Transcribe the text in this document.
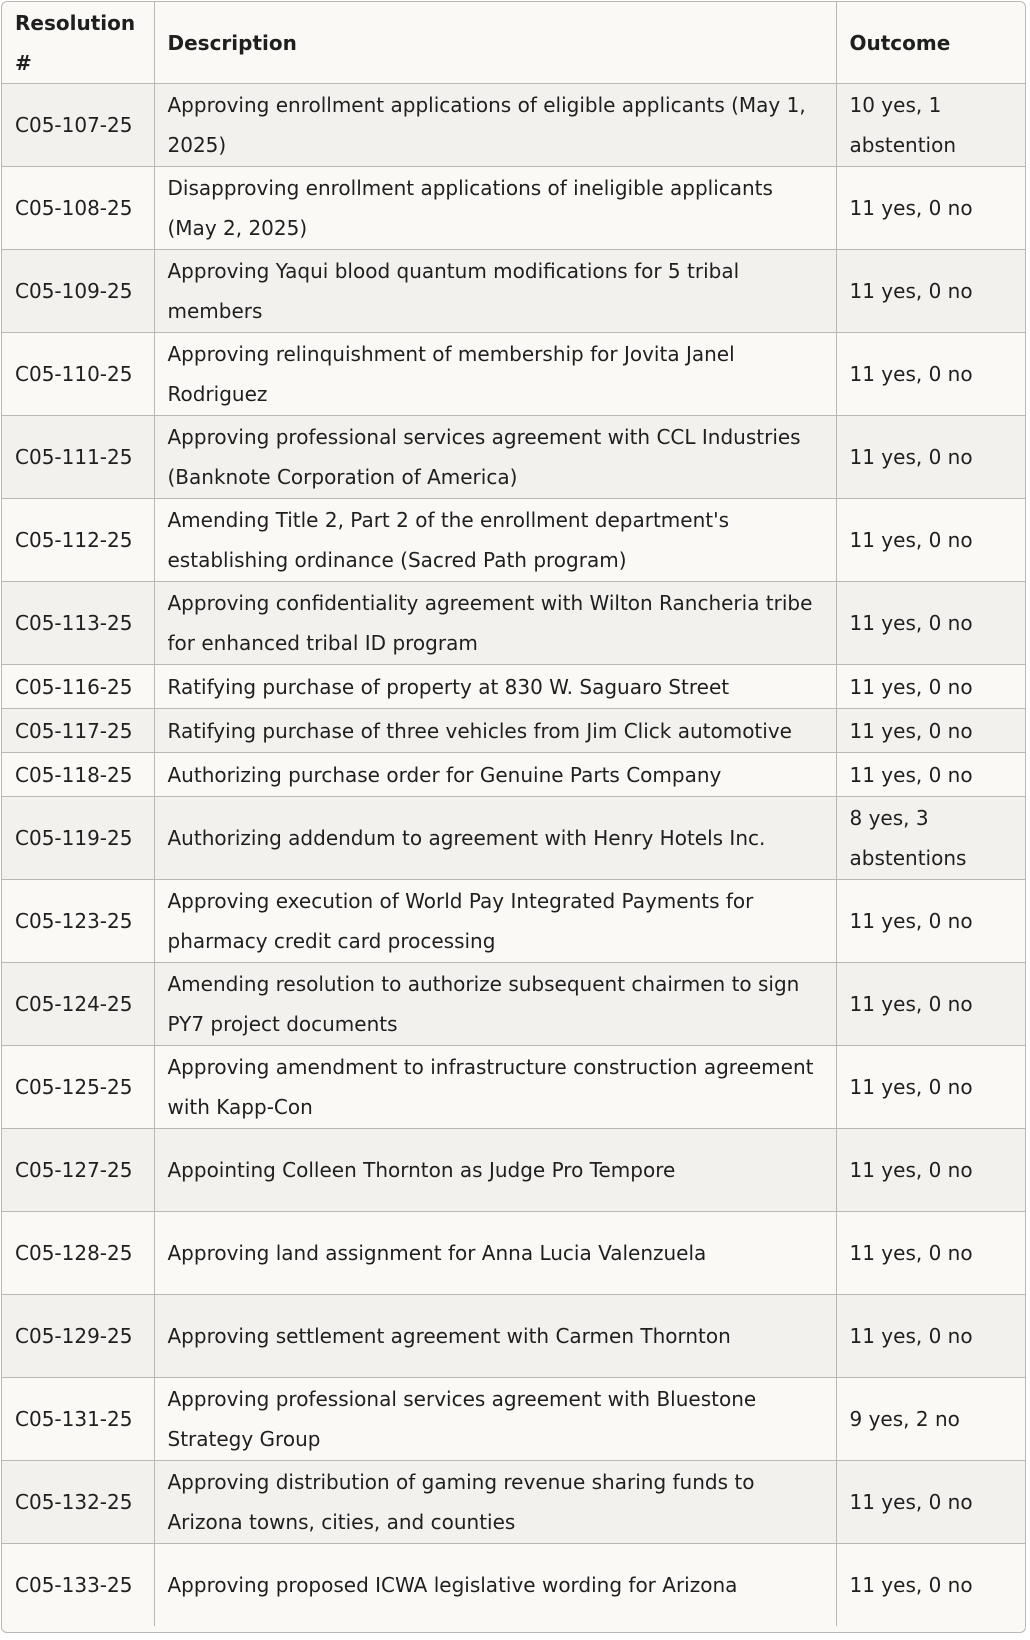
Resolution #	Description	Outcome
C05-107-25	Approving enrollment applications of eligible applicants (May 1, 2025)	10 yes, 1 abstention
C05-108-25	Disapproving enrollment applications of ineligible applicants (May 2, 2025)	11 yes, 0 no
C05-109-25	Approving Yaqui blood quantum modifications for 5 tribal members	11 yes, 0 no
C05-110-25	Approving relinquishment of membership for Jovita Janel Rodriguez	11 yes, 0 no
C05-111-25	Approving professional services agreement with CCL Industries (Banknote Corporation of America)	11 yes, 0 no
C05-112-25	Amending Title 2, Part 2 of the enrollment department's establishing ordinance (Sacred Path program)	11 yes, 0 no
C05-113-25	Approving confidentiality agreement with Wilton Rancheria tribe for enhanced tribal ID program	11 yes, 0 no
C05-116-25	Ratifying purchase of property at 830 W. Saguaro Street	11 yes, 0 no
C05-117-25	Ratifying purchase of three vehicles from Jim Click automotive	11 yes, 0 no
C05-118-25	Authorizing purchase order for Genuine Parts Company	11 yes, 0 no
C05-119-25	Authorizing addendum to agreement with Henry Hotels Inc.	8 yes, 3 abstentions
C05-123-25	Approving execution of World Pay Integrated Payments for pharmacy credit card processing	11 yes, 0 no
C05-124-25	Amending resolution to authorize subsequent chairmen to sign PY7 project documents	11 yes, 0 no
C05-125-25	Approving amendment to infrastructure construction agreement with Kapp-Con	11 yes, 0 no
C05-127-25	Appointing Colleen Thornton as Judge Pro Tempore	11 yes, 0 no
C05-128-25	Approving land assignment for Anna Lucia Valenzuela	11 yes, 0 no
C05-129-25	Approving settlement agreement with Carmen Thornton	11 yes, 0 no
C05-131-25	Approving professional services agreement with Bluestone Strategy Group	9 yes, 2 no
C05-132-25	Approving distribution of gaming revenue sharing funds to Arizona towns, cities, and counties	11 yes, 0 no
C05-133-25	Approving proposed ICWA legislative wording for Arizona	11 yes, 0 no
